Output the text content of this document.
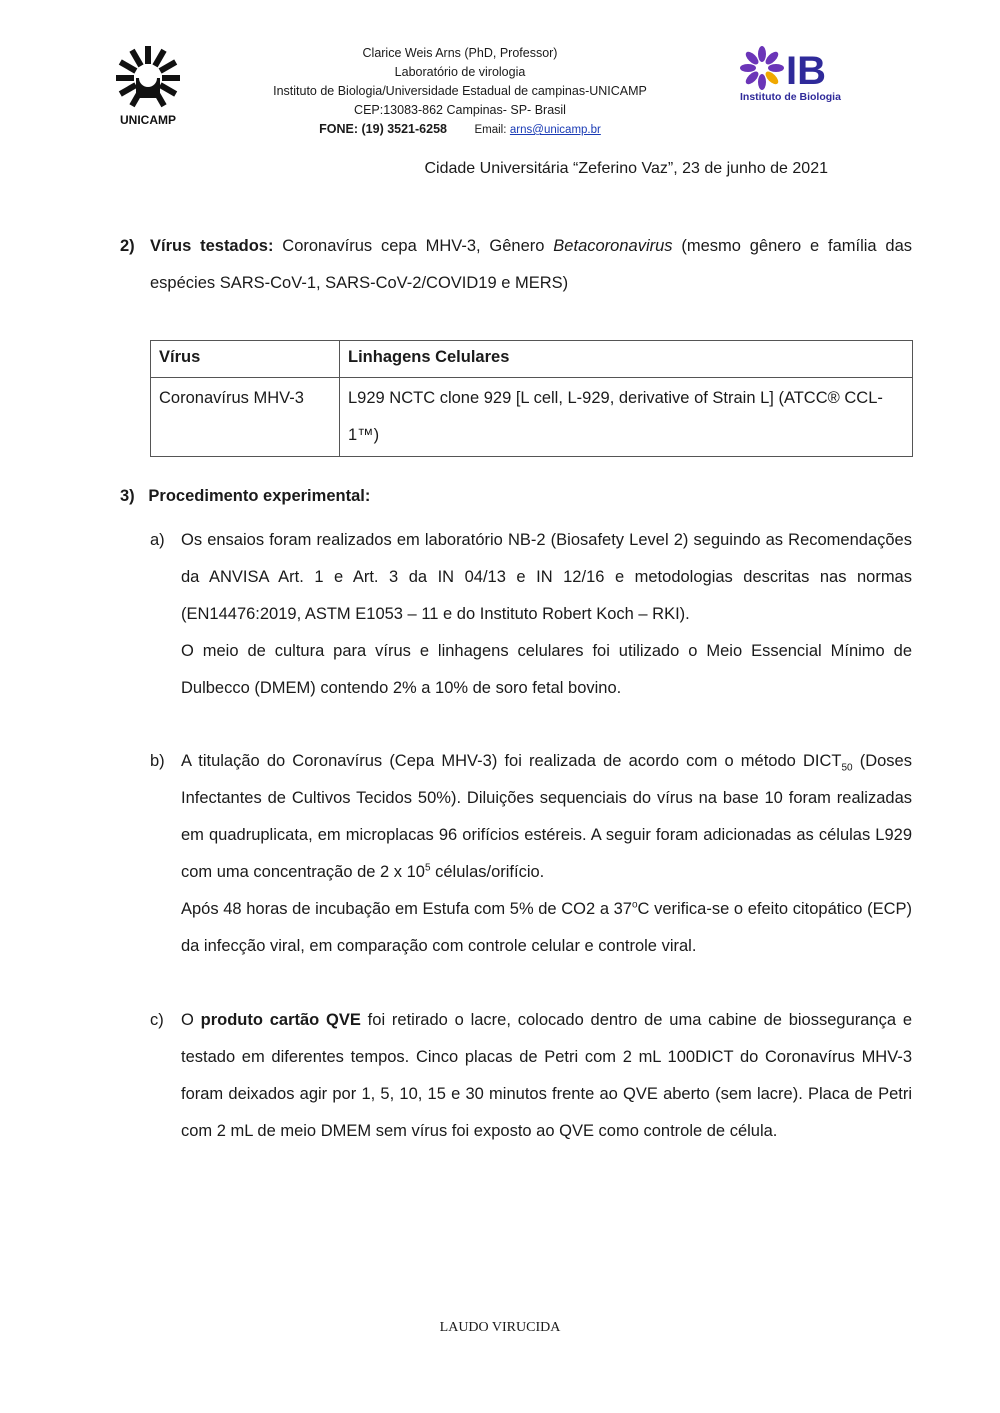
UNICAMP
IB
Instituto de Biologia
Clarice Weis Arns (PhD, Professor)
Laboratório de virologia
Instituto de Biologia/Universidade Estadual de campinas-UNICAMP
CEP:13083-862 Campinas- SP- Brasil
FONE: (19) 3521-6258 Email: arns@unicamp.br
Cidade Universitária “Zeferino Vaz”, 23 de junho de 2021
2) Vírus testados: Coronavírus cepa MHV-3, Gênero Betacoronavirus (mesmo gênero e família das espécies SARS-CoV-1, SARS-CoV-2/COVID19 e MERS)
Vírus	Linhagens Celulares
Coronavírus MHV-3	L929 NCTC clone 929 [L cell, L-929, derivative of Strain L] (ATCC® CCL-1™)
3)   Procedimento experimental:
a) Os ensaios foram realizados em laboratório NB-2 (Biosafety Level 2) seguindo as Recomendações da ANVISA Art. 1 e Art. 3 da IN 04/13 e IN 12/16 e metodologias descritas nas normas (EN14476:2019, ASTM E1053 – 11 e do Instituto Robert Koch – RKI).

O meio de cultura para vírus e linhagens celulares foi utilizado o Meio Essencial Mínimo de Dulbecco (DMEM) contendo 2% a 10% de soro fetal bovino.

b) A titulação do Coronavírus (Cepa MHV-3) foi realizada de acordo com o método $DICT_{50}$ (Doses Infectantes de Cultivos Tecidos 50%). Diluições sequenciais do vírus na base 10 foram realizadas em quadruplicata, em microplacas 96 orifícios estéreis. A seguir foram adicionadas as células L929 com uma concentração de 2 x $10^5$ células/orifício.

Após 48 horas de incubação em Estufa com 5% de CO2 a 37$^o$C verifica-se o efeito citopático (ECP) da infecção viral, em comparação com controle celular e controle viral.

c) O produto cartão QVE foi retirado o lacre, colocado dentro de uma cabine de biossegurança e testado em diferentes tempos. Cinco placas de Petri com 2 mL 100DICT do Coronavírus MHV-3 foram deixados agir por 1, 5, 10, 15 e 30 minutos frente ao QVE aberto (sem lacre). Placa de Petri com 2 mL de meio DMEM sem vírus foi exposto ao QVE como controle de célula.

LAUDO VIRUCIDA
